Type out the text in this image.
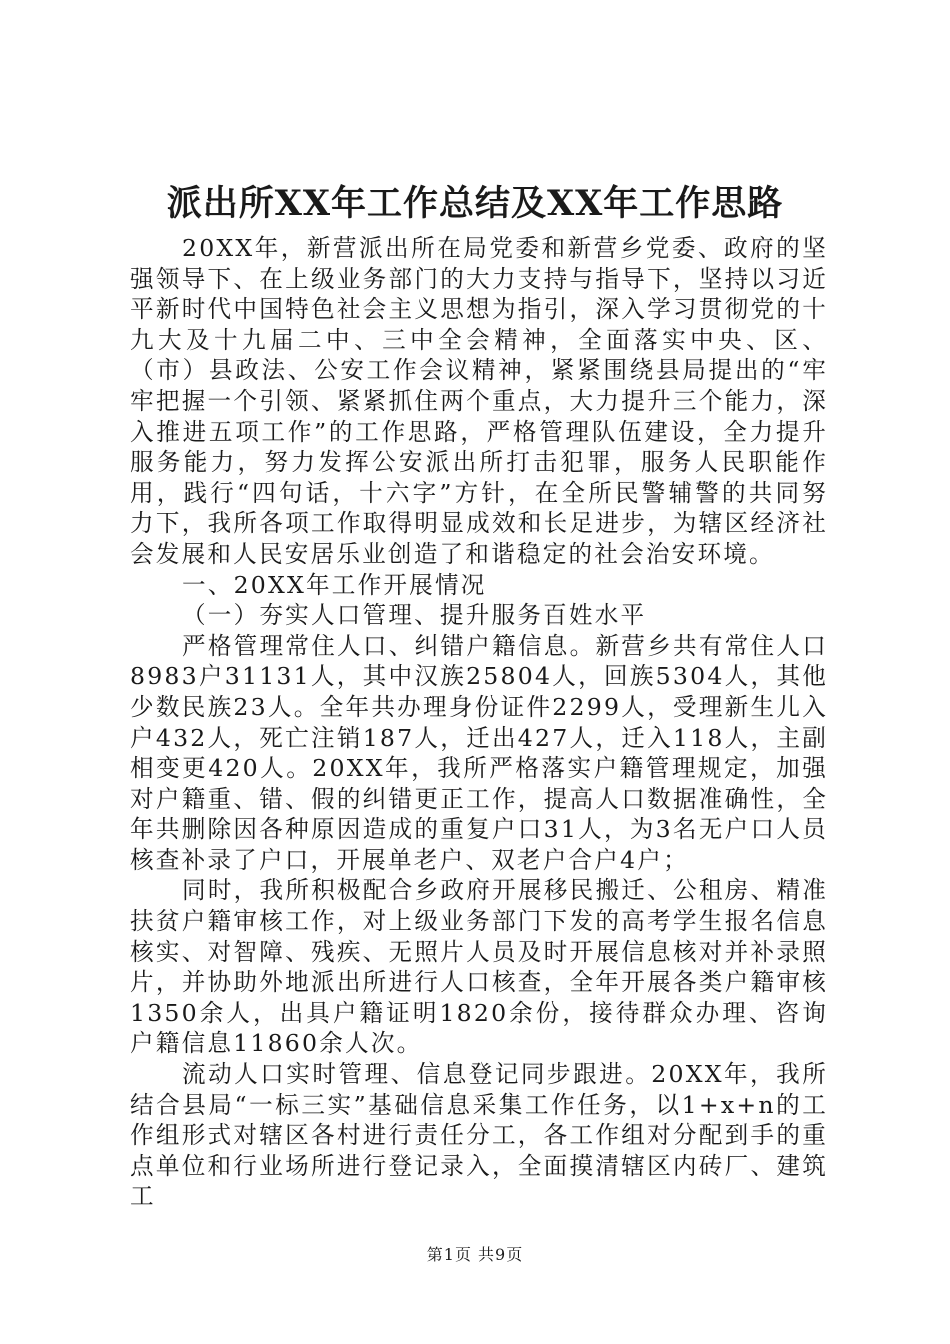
派出所XX年工作总结及XX年工作思路

20XX年，新营派出所在局党委和新营乡党委、政府的坚强领导下、在上级业务部门的大力支持与指导下，坚持以习近平新时代中国特色社会主义思想为指引，深入学习贯彻党的十九大及十九届二中、三中全会精神，全面落实中央、区、（市）县政法、公安工作会议精神，紧紧围绕县局提出的“牢牢把握一个引领、紧紧抓住两个重点，大力提升三个能力，深入推进五项工作”的工作思路，严格管理队伍建设，全力提升服务能力，努力发挥公安派出所打击犯罪，服务人民职能作用，践行“四句话，十六字”方针，在全所民警辅警的共同努力下，我所各项工作取得明显成效和长足进步，为辖区经济社会发展和人民安居乐业创造了和谐稳定的社会治安环境。

一、20XX年工作开展情况

（一）夯实人口管理、提升服务百姓水平

严格管理常住人口、纠错户籍信息。新营乡共有常住人口8983户31131人，其中汉族25804人，回族5304人，其他少数民族23人。全年共办理身份证件2299人，受理新生儿入户432人，死亡注销187人，迁出427人，迁入118人，主副相变更420人。20XX年，我所严格落实户籍管理规定，加强对户籍重、错、假的纠错更正工作，提高人口数据准确性，全年共删除因各种原因造成的重复户口31人，为3名无户口人员核查补录了户口，开展单老户、双老户合户4户；

同时，我所积极配合乡政府开展移民搬迁、公租房、精准扶贫户籍审核工作，对上级业务部门下发的高考学生报名信息核实、对智障、残疾、无照片人员及时开展信息核对并补录照片，并协助外地派出所进行人口核查，全年开展各类户籍审核1350余人，出具户籍证明1820余份，接待群众办理、咨询户籍信息11860余人次。

流动人口实时管理、信息登记同步跟进。20XX年，我所结合县局“一标三实”基础信息采集工作任务，以1+x+n的工作组形式对辖区各村进行责任分工，各工作组对分配到手的重点单位和行业场所进行登记录入，全面摸清辖区内砖厂、建筑工

第1页 共9页
